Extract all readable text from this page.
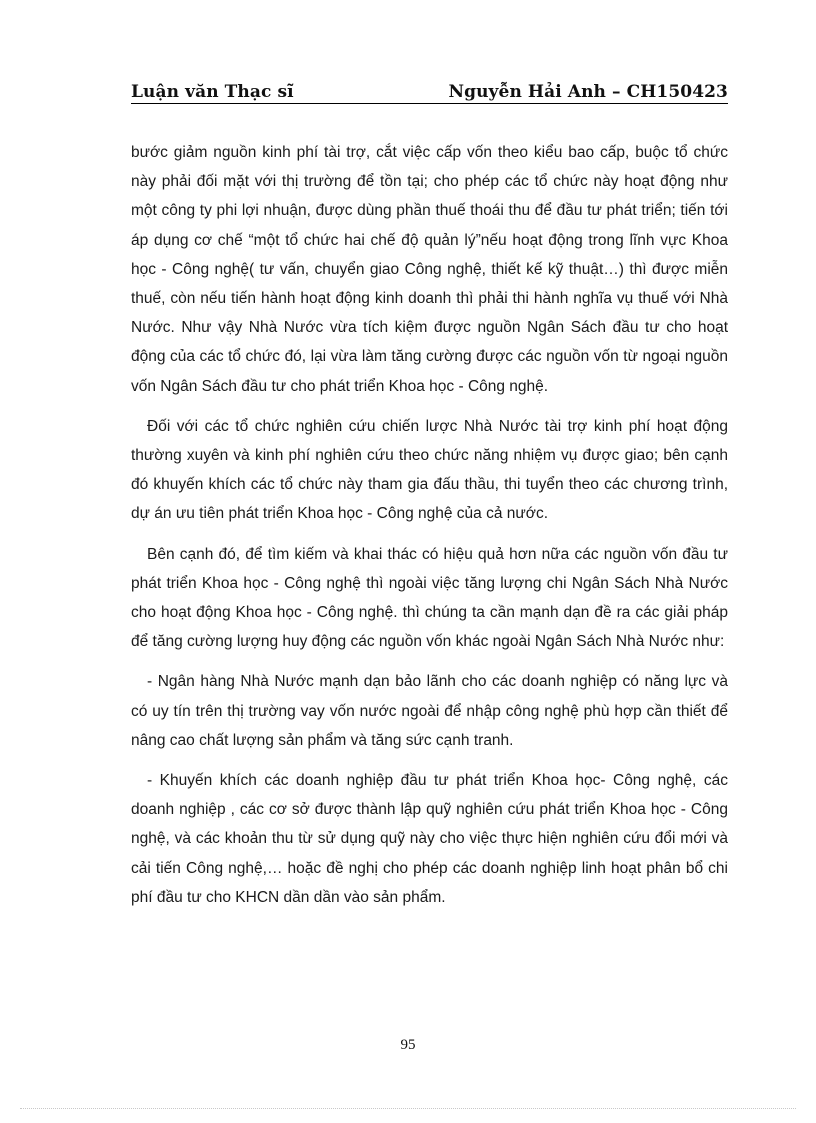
Luận văn Thạc sĩ	Nguyễn Hải Anh – CH150423

bước giảm nguồn kinh phí tài trợ, cắt việc cấp vốn theo kiểu bao cấp, buộc tổ chức này phải đối mặt với thị trường để tồn tại; cho phép các tổ chức này hoạt động như một công ty phi lợi nhuận, được dùng phần thuế thoái thu để đầu tư phát triển; tiến tới áp dụng cơ chế “một tổ chức hai chế độ quản lý”nếu hoạt động trong lĩnh vực Khoa học - Công nghệ( tư vấn, chuyển giao Công nghệ, thiết kế kỹ thuật…) thì được miễn thuế, còn nếu tiến hành hoạt động kinh doanh thì phải thi hành nghĩa vụ thuế với Nhà Nước. Như vậy Nhà Nước vừa tích kiệm được nguồn Ngân Sách đầu tư cho hoạt động của các tổ chức đó, lại vừa làm tăng cường được các nguồn vốn từ ngoại nguồn vốn Ngân Sách đầu tư cho phát triển Khoa học - Công nghệ.

Đối với các tổ chức nghiên cứu chiến lược Nhà Nước tài trợ kinh phí hoạt động thường xuyên và kinh phí nghiên cứu theo chức năng nhiệm vụ được giao; bên cạnh đó khuyến khích các tổ chức này tham gia đấu thầu, thi tuyển theo các chương trình, dự án ưu tiên phát triển Khoa học - Công nghệ của cả nước.

Bên cạnh đó, để tìm kiếm và khai thác có hiệu quả hơn nữa các nguồn vốn đầu tư phát triển Khoa học - Công nghệ thì ngoài việc tăng lượng chi Ngân Sách Nhà Nước cho hoạt động Khoa học - Công nghệ. thì chúng ta cần mạnh dạn đề ra các giải pháp để tăng cường lượng huy động các nguồn vốn khác ngoài Ngân Sách Nhà Nước như:

- Ngân hàng Nhà Nước mạnh dạn bảo lãnh cho các doanh nghiệp có năng lực và có uy tín trên thị trường vay vốn nước ngoài để nhập công nghệ phù hợp cần thiết để nâng cao chất lượng sản phẩm và tăng sức cạnh tranh.

- Khuyến khích các doanh nghiệp đầu tư phát triển Khoa học- Công nghệ, các doanh nghiệp , các cơ sở được thành lập quỹ nghiên cứu phát triển Khoa học - Công nghệ, và các khoản thu từ sử dụng quỹ này cho việc thực hiện nghiên cứu đổi mới và cải tiến Công nghệ,… hoặc đề nghị cho phép các doanh nghiệp linh hoạt phân bổ chi phí đầu tư cho KHCN dần dần vào sản phẩm.

95
